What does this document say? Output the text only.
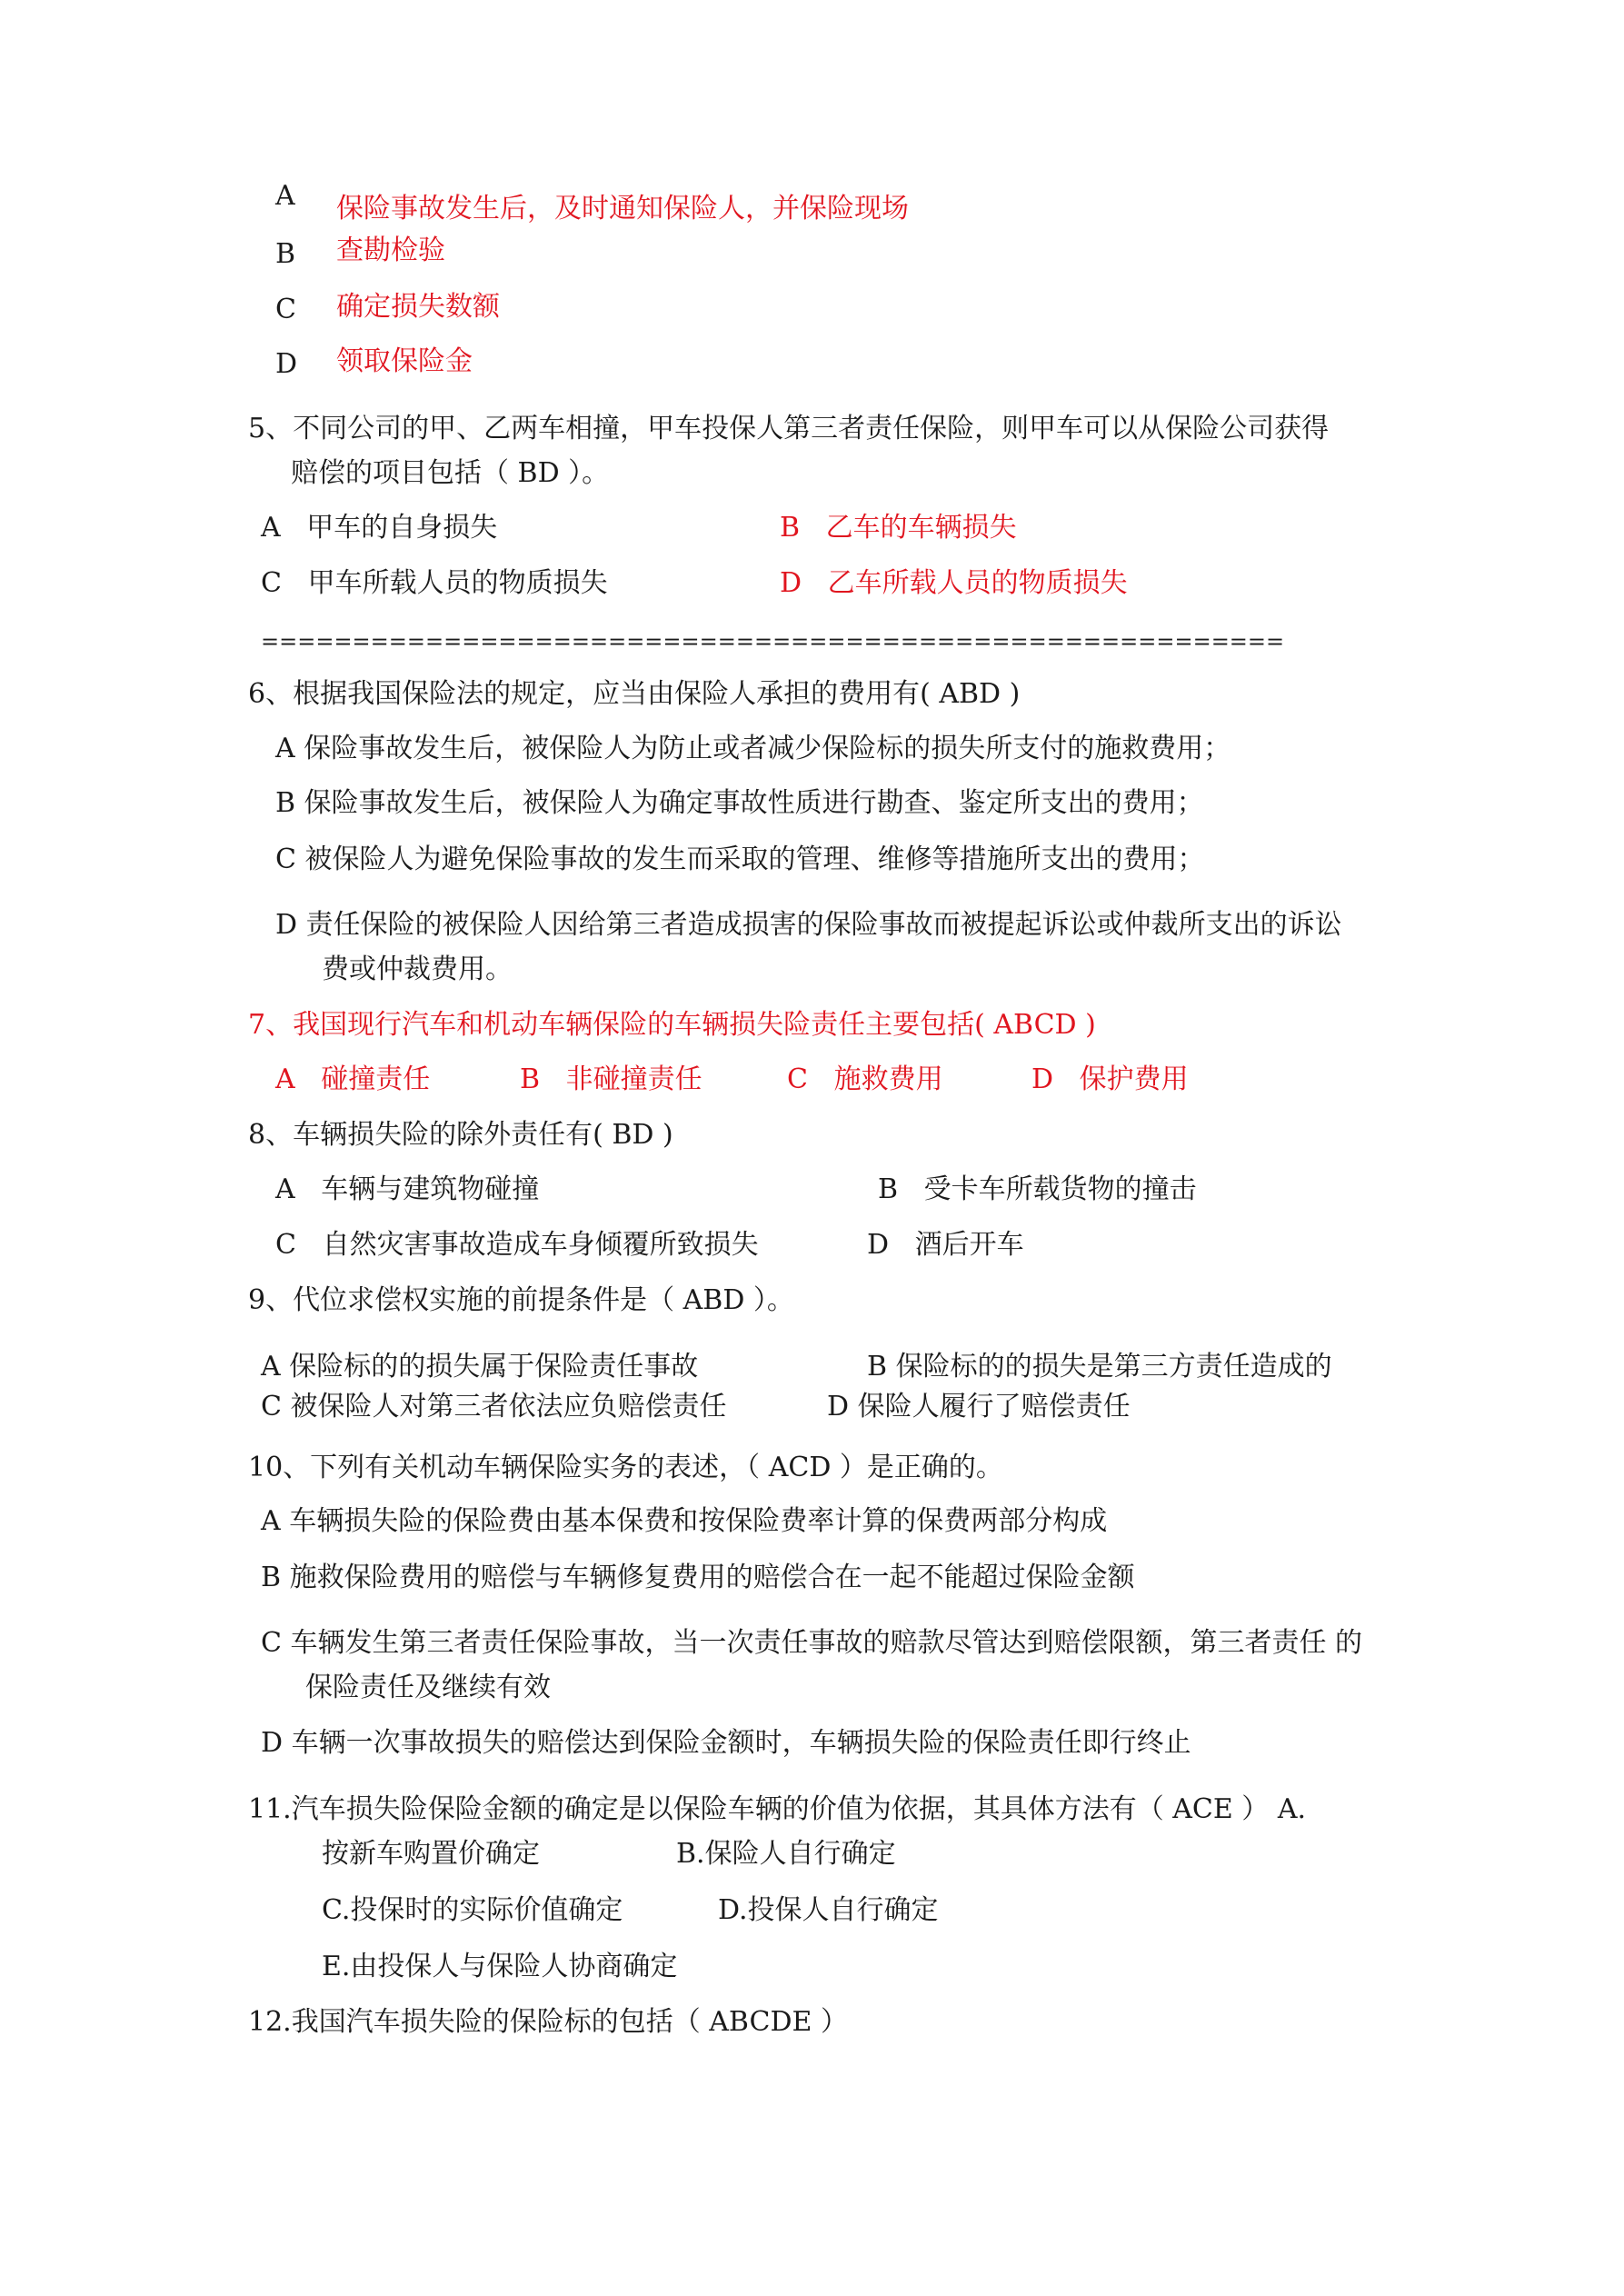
A 保险事故发生后，及时通知保险人，并保险现场
B 查勘检验
C 确定损失数额
D 领取保险金
5、不同公司的甲、乙两车相撞，甲车投保人第三者责任保险，则甲车可以从保险公司获得
赔偿的项目包括（ BD ）。
A 甲车的自身损失	B 乙车的车辆损失
C 甲车所载人员的物质损失	D 乙车所载人员的物质损失
========================================================
6、根据我国保险法的规定，应当由保险人承担的费用有( ABD )
A 保险事故发生后，被保险人为防止或者减少保险标的损失所支付的施救费用；
B 保险事故发生后，被保险人为确定事故性质进行勘查、鉴定所支出的费用；
C 被保险人为避免保险事故的发生而采取的管理、维修等措施所支出的费用；
D 责任保险的被保险人因给第三者造成损害的保险事故而被提起诉讼或仲裁所支出的诉讼
费或仲裁费用。
7、我国现行汽车和机动车辆保险的车辆损失险责任主要包括( ABCD )
A 碰撞责任	B 非碰撞责任	C 施救费用	D 保护费用
8、车辆损失险的除外责任有( BD )
A 车辆与建筑物碰撞	B 受卡车所载货物的撞击
C 自然灾害事故造成车身倾覆所致损失	D 酒后开车
9、代位求偿权实施的前提条件是（ ABD ）。
A 保险标的的损失属于保险责任事故	B 保险标的的损失是第三方责任造成的
C 被保险人对第三者依法应负赔偿责任	D 保险人履行了赔偿责任
10、下列有关机动车辆保险实务的表述，（ ACD ）是正确的。
A 车辆损失险的保险费由基本保费和按保险费率计算的保费两部分构成
B 施救保险费用的赔偿与车辆修复费用的赔偿合在一起不能超过保险金额
C 车辆发生第三者责任保险事故，当一次责任事故的赔款尽管达到赔偿限额，第三者责任 的
保险责任及继续有效
D 车辆一次事故损失的赔偿达到保险金额时，车辆损失险的保险责任即行终止
11.汽车损失险保险金额的确定是以保险车辆的价值为依据，其具体方法有（ ACE ） A.
按新车购置价确定	B.保险人自行确定
C.投保时的实际价值确定	D.投保人自行确定
E.由投保人与保险人协商确定
12.我国汽车损失险的保险标的包括（ ABCDE ）
